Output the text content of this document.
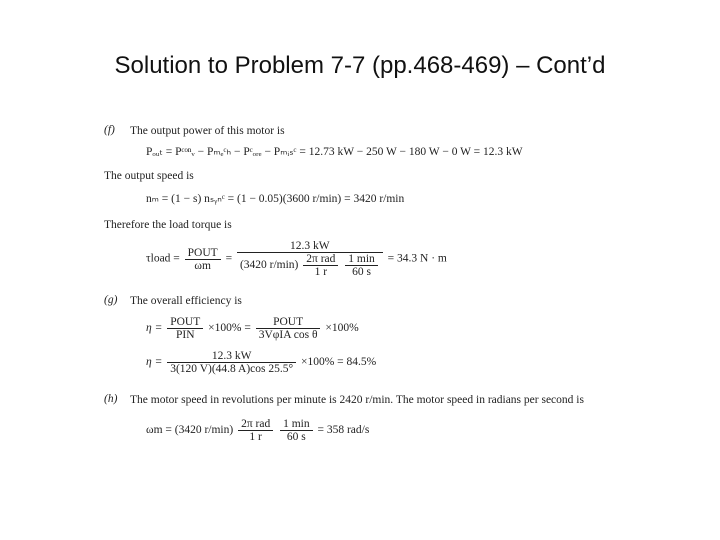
Solution to Problem 7-7 (pp.468-469) – Cont’d
(f) The output power of this motor is
Pₒᵤₜ = Pᶜᵒⁿᵥ − Pₘₑᶜₕ − Pᶜₒᵣₑ − Pₘᵢₛᶜ = 12.73 kW − 250 W − 180 W − 0 W = 12.3 kW
The output speed is
nₘ = (1 − s) nₛᵧₙᶜ = (1 − 0.05)(3600 r/min) = 3420 r/min
Therefore the load torque is
τload = $\frac{\text{POUT}}{\omega m}$ =
12.3 kW
(3420 $r/\min) \frac{\text{2π rad}}{1 r}$
$\frac{1 \min}{60 s} = 34.3$ N · m
(g) The overall efficiency is
$\eta = \frac{\text{POUT}}{\text{PIN}} \times 100\% = \frac{\text{POUT}}{\text{3VφIA cos θ}} \times 100\%$
$\eta = \frac{12.3 kW}{3(120 V)(44.8 A)\cos 25.5^\circ} \times 100\% = 84.5\%$
(h) The motor speed in revolutions per minute is 2420 r/min. The motor speed in radians per second is
ωm = (3420 $r/\min) \frac{\text{2π rad}}{1 r}$
$\frac{1 \min}{60 s} = 358$ rad/s
